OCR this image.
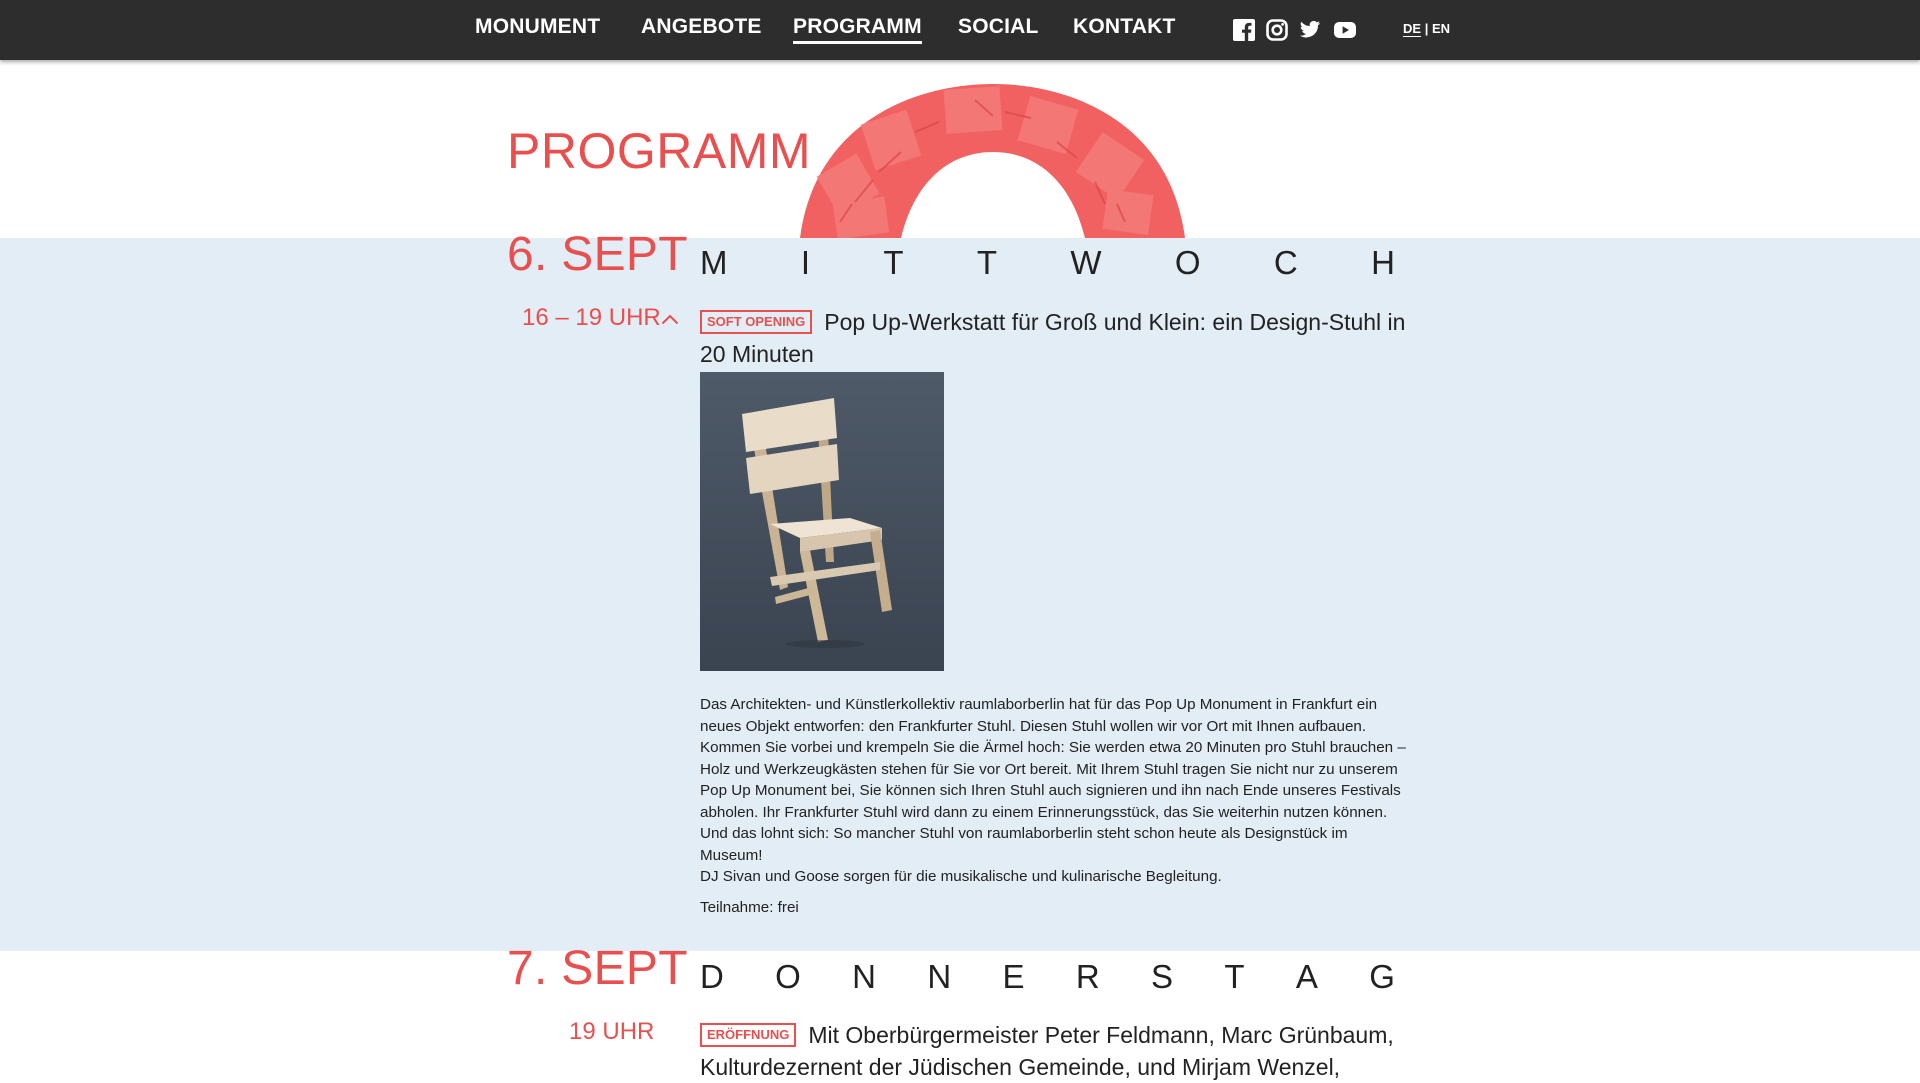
MONUMENT ANGEBOTE PROGRAMM SOCIAL KONTAKT	DE | EN
PROGRAMM
6. SEPT M I T T W O C H
16 – 19 UHR	SOFT OPENING Pop Up-Werkstatt für Groß und Klein: ein Design-Stuhl in 20 Minuten

Das Architekten- und Künstlerkollektiv raumlaborberlin hat für das Pop Up Monument in Frankfurt ein neues Objekt entworfen: den Frankfurter Stuhl. Diesen Stuhl wollen wir vor Ort mit Ihnen aufbauen. Kommen Sie vorbei und krempeln Sie die Ärmel hoch: Sie werden etwa 20 Minuten pro Stuhl brauchen – Holz und Werkzeugkästen stehen für Sie vor Ort bereit. Mit Ihrem Stuhl tragen Sie nicht nur zu unserem Pop Up Monument bei, Sie können sich Ihren Stuhl auch signieren und ihn nach Ende unseres Festivals abholen. Ihr Frankfurter Stuhl wird dann zu einem Erinnerungsstück, das Sie weiterhin nutzen können. Und das lohnt sich: So mancher Stuhl von raumlaborberlin steht schon heute als Designstück im Museum!
DJ Sivan und Goose sorgen für die musikalische und kulinarische Begleitung.

Teilnahme: frei
7. SEPT D O N N E R S T A G
19 UHR	ERÖFFNUNG Mit Oberbürgermeister Peter Feldmann, Marc Grünbaum, Kulturdezernent der Jüdischen Gemeinde, und Mirjam Wenzel,
